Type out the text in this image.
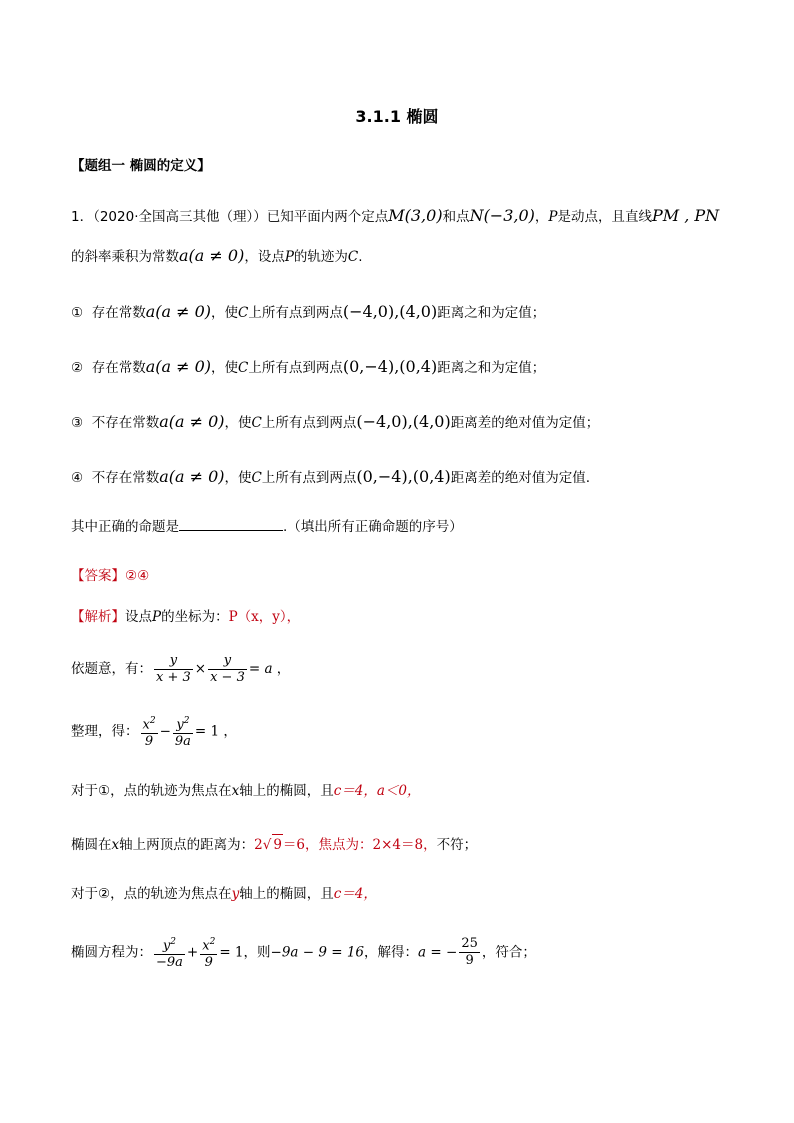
3.1.1 椭圆
【题组一 椭圆的定义】
1．（2020·全国高三其他（理））已知平面内两个定点M(3,0)和点N(−3,0)，P是动点，且直线PM , PN
的斜率乘积为常数a(a ≠ 0)，设点P的轨迹为C.
① 存在常数a(a ≠ 0)，使C上所有点到两点(−4,0),(4,0)距离之和为定值；
② 存在常数a(a ≠ 0)，使C上所有点到两点(0,−4),(0,4)距离之和为定值；
③ 不存在常数a(a ≠ 0)，使C上所有点到两点(−4,0),(4,0)距离差的绝对值为定值；
④ 不存在常数a(a ≠ 0)，使C上所有点到两点(0,−4),(0,4)距离差的绝对值为定值.
其中正确的命题是	.（填出所有正确命题的序号）
【答案】②④
【解析】设点P的坐标为：P（x，y），
依题意，有： $\frac{y}{x + 3} \times \frac{y}{x - 3} = a$ ，
整理，得： $\frac{x^2}{9} - \frac{y^2}{9a} = 1$ ，
对于①，点的轨迹为焦点在x轴上的椭圆，且c＝4，a＜0，
椭圆在x轴上两顶点的距离为：2√ 9＝6，焦点为：2×4＝8，不符；
对于②，点的轨迹为焦点在y轴上的椭圆，且c＝4，
椭圆方程为： $\frac{y^2}{-9a} + \frac{x^2}{9} = 1$，则−9a − 9 = 16，解得：a = − $\frac{25}{9}$ ，符合；
